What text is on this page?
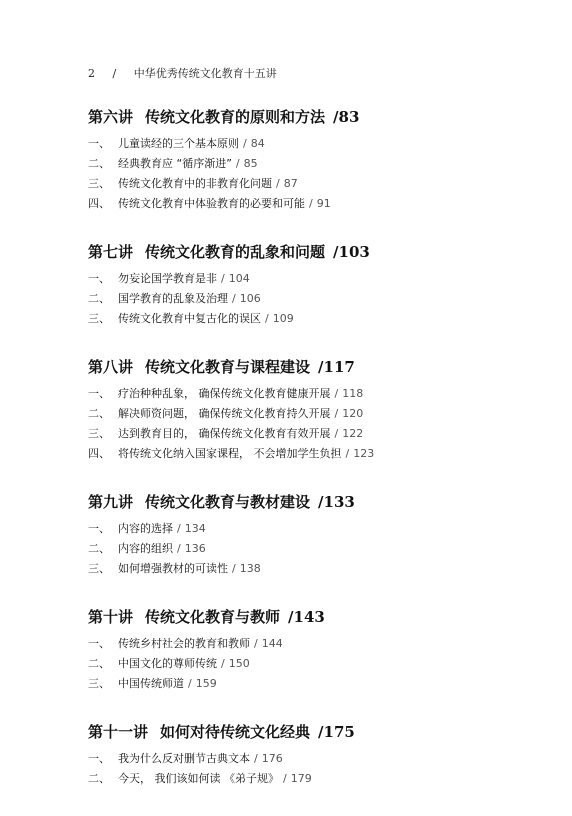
2 / 中华优秀传统文化教育十五讲
第六讲 传统文化教育的原则和方法 /83
一、 儿童读经的三个基本原则 / 84
二、 经典教育应 “循序渐进” / 85
三、 传统文化教育中的非教育化问题 / 87
四、 传统文化教育中体验教育的必要和可能 / 91
第七讲 传统文化教育的乱象和问题 /103
一、 勿妄论国学教育是非 / 104
二、 国学教育的乱象及治理 / 106
三、 传统文化教育中复古化的误区 / 109
第八讲 传统文化教育与课程建设 /117
一、 疗治种种乱象， 确保传统文化教育健康开展 / 118
二、 解决师资问题， 确保传统文化教育持久开展 / 120
三、 达到教育目的， 确保传统文化教育有效开展 / 122
四、 将传统文化纳入国家课程， 不会增加学生负担 / 123
第九讲 传统文化教育与教材建设 /133
一、 内容的选择 / 134
二、 内容的组织 / 136
三、 如何增强教材的可读性 / 138
第十讲 传统文化教育与教师 /143
一、 传统乡村社会的教育和教师 / 144
二、 中国文化的尊师传统 / 150
三、 中国传统师道 / 159
第十一讲 如何对待传统文化经典 /175
一、 我为什么反对删节古典文本 / 176
二、 今天， 我们该如何读 《弟子规》 / 179
